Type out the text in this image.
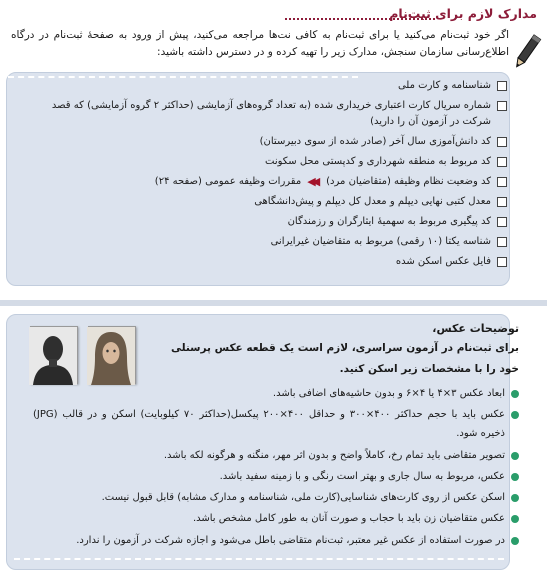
مدارک لازم برای ثبت‌نام

اگر خود ثبت‌نام می‌کنید یا برای ثبت‌نام به کافی نت‌ها مراجعه می‌کنید، پیش از ورود به صفحهٔ ثبت‌نام در درگاه اطلاع‌رسانی سازمان سنجش، مدارک زیر را تهیه کرده و در دسترس داشته باشید:

شناسنامه و کارت ملی
شماره سریال کارت اعتباری خریداری شده (به تعداد گروه‌های آزمایشی (حداکثر ۲ گروه آزمایشی) که قصد شرکت در آزمون آن را دارید)
کد دانش‌آموزی سال آخر (صادر شده از سوی دبیرستان)
کد مربوط به منطقه شهرداری و کدپستی محل سکونت
کد وضعیت نظام وظیفه (متقاضیان مرد)
◀◀
مقررات وظیفه عمومی (صفحه ۲۴)
معدل کتبی نهایی دیپلم و معدل کل دیپلم و پیش‌دانشگاهی
کد پیگیری مربوط به سهمیهٔ ایثارگران و رزمندگان
شناسه یکتا (۱۰ رقمی) مربوط به متقاضیان غیرایرانی
فایل عکس اسکن شده
توضیحات عکس،
برای ثبت‌نام در آزمون سراسری، لازم است یک قطعه عکس پرسنلی
خود را با مشخصات زیر اسکن کنید.
ابعاد عکس ۳×۴ یا ۴×۶ و بدون حاشیه‌های اضافی باشد.
عکس باید با حجم حداکثر ۴۰۰×۳۰۰ و حداقل ۴۰۰×۲۰۰ پیکسل(حداکثر ۷۰ کیلوبایت) اسکن و در قالب (JPG) ذخیره شود.
تصویر متقاضی باید تمام رخ، کاملاً واضح و بدون اثر مهر، منگنه و هرگونه لکه باشد.
عکس، مربوط به سال جاری و بهتر است رنگی و با زمینه سفید باشد.
اسکن عکس از روی کارت‌های شناسایی(کارت ملی، شناسنامه و مدارک مشابه) قابل قبول نیست.
عکس متقاضیان زن باید با حجاب و صورت آنان به طور کامل مشخص باشد.
در صورت استفاده از عکس غیر معتبر، ثبت‌نام متقاضی باطل می‌شود و اجازه شرکت در آزمون را ندارد.
